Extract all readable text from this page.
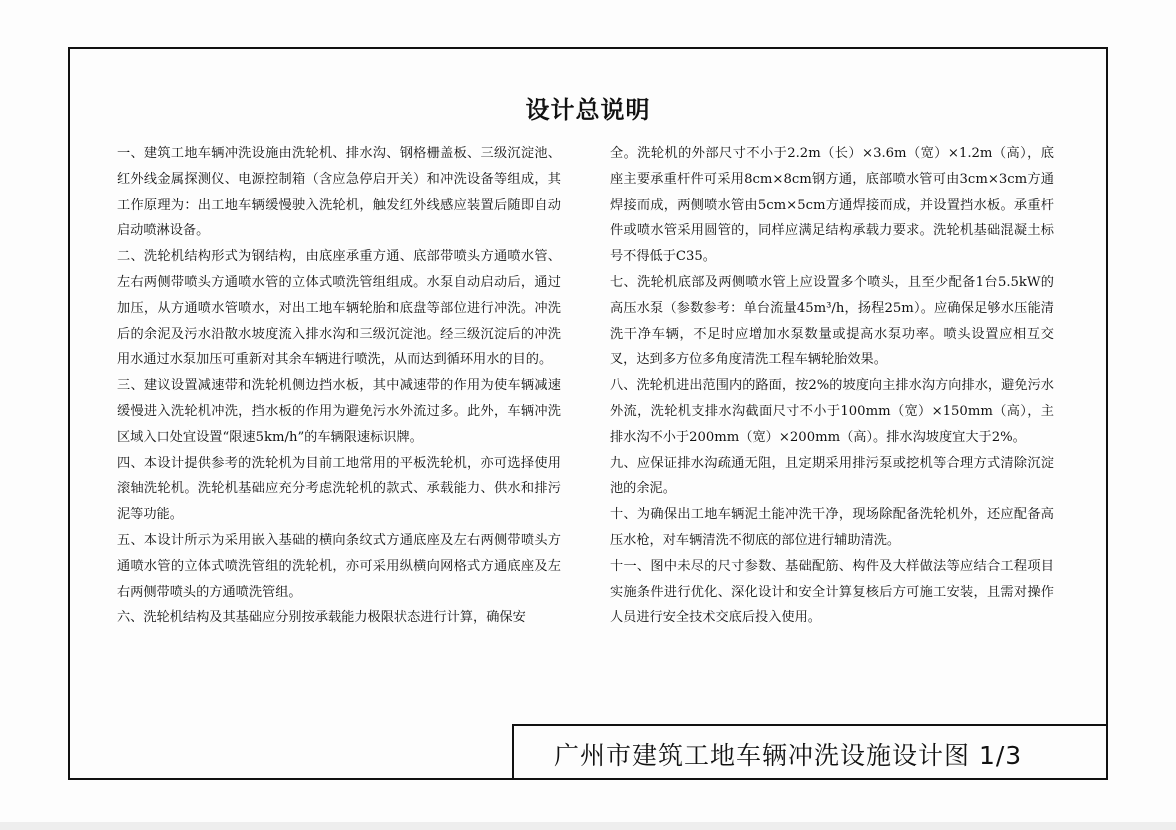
设计总说明

一、建筑工地车辆冲洗设施由洗轮机、排水沟、钢格栅盖板、三级沉淀池、红外线金属探测仪、电源控制箱（含应急停启开关）和冲洗设备等组成，其工作原理为：出工地车辆缓慢驶入洗轮机，触发红外线感应装置后随即自动启动喷淋设备。

二、洗轮机结构形式为钢结构，由底座承重方通、底部带喷头方通喷水管、左右两侧带喷头方通喷水管的立体式喷洗管组组成。水泵自动启动后，通过加压，从方通喷水管喷水，对出工地车辆轮胎和底盘等部位进行冲洗。冲洗后的余泥及污水沿散水坡度流入排水沟和三级沉淀池。经三级沉淀后的冲洗用水通过水泵加压可重新对其余车辆进行喷洗，从而达到循环用水的目的。

三、建议设置减速带和洗轮机侧边挡水板，其中减速带的作用为使车辆减速缓慢进入洗轮机冲洗，挡水板的作用为避免污水外流过多。此外，车辆冲洗区域入口处宜设置“限速5km/h”的车辆限速标识牌。

四、本设计提供参考的洗轮机为目前工地常用的平板洗轮机，亦可选择使用滚轴洗轮机。洗轮机基础应充分考虑洗轮机的款式、承载能力、供水和排污泥等功能。

五、本设计所示为采用嵌入基础的横向条纹式方通底座及左右两侧带喷头方通喷水管的立体式喷洗管组的洗轮机，亦可采用纵横向网格式方通底座及左右两侧带喷头的方通喷洗管组。

六、洗轮机结构及其基础应分别按承载能力极限状态进行计算，确保安

全。洗轮机的外部尺寸不小于2.2m（长）×3.6m（宽）×1.2m（高），底座主要承重杆件可采用8cm×8cm钢方通，底部喷水管可由3cm×3cm方通焊接而成，两侧喷水管由5cm×5cm方通焊接而成，并设置挡水板。承重杆件或喷水管采用圆管的，同样应满足结构承载力要求。洗轮机基础混凝土标号不得低于C35。

七、洗轮机底部及两侧喷水管上应设置多个喷头，且至少配备1台5.5kW的高压水泵（参数参考：单台流量45m³/h，扬程25m）。应确保足够水压能清洗干净车辆，不足时应增加水泵数量或提高水泵功率。喷头设置应相互交叉，达到多方位多角度清洗工程车辆轮胎效果。

八、洗轮机进出范围内的路面，按2%的坡度向主排水沟方向排水，避免污水外流，洗轮机支排水沟截面尺寸不小于100mm（宽）×150mm（高），主排水沟不小于200mm（宽）×200mm（高）。排水沟坡度宜大于2%。

九、应保证排水沟疏通无阻，且定期采用排污泵或挖机等合理方式清除沉淀池的余泥。

十、为确保出工地车辆泥土能冲洗干净，现场除配备洗轮机外，还应配备高压水枪，对车辆清洗不彻底的部位进行辅助清洗。

十一、图中未尽的尺寸参数、基础配筋、构件及大样做法等应结合工程项目实施条件进行优化、深化设计和安全计算复核后方可施工安装，且需对操作人员进行安全技术交底后投入使用。

广州市建筑工地车辆冲洗设施设计图 1/3
